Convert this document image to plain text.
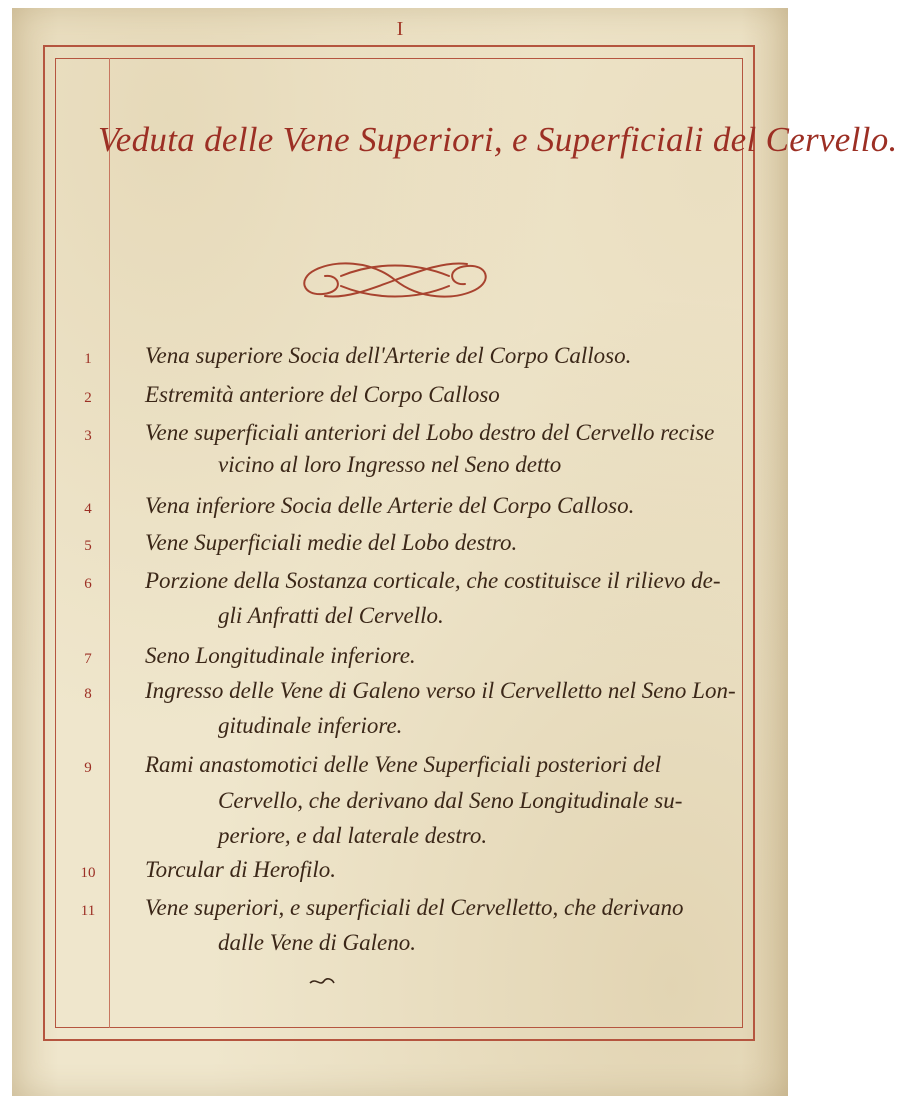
I
Veduta delle Vene Superiori, e Superficiali del Cervello.
1	Vena superiore Socia dell'Arterie del Corpo Calloso.
2	Estremità anteriore del Corpo Calloso
3	Vene superficiali anteriori del Lobo destro del Cervello recise
vicino al loro Ingresso nel Seno detto
4	Vena inferiore Socia delle Arterie del Corpo Calloso.
5	Vene Superficiali medie del Lobo destro.
6	Porzione della Sostanza corticale, che costituisce il rilievo de-
gli Anfratti del Cervello.
7	Seno Longitudinale inferiore.
8	Ingresso delle Vene di Galeno verso il Cervelletto nel Seno Lon-
gitudinale inferiore.
9	Rami anastomotici delle Vene Superficiali posteriori del
Cervello, che derivano dal Seno Longitudinale su-
periore, e dal laterale destro.
10	Torcular di Herofilo.
11	Vene superiori, e superficiali del Cervelletto, che derivano
dalle Vene di Galeno.
